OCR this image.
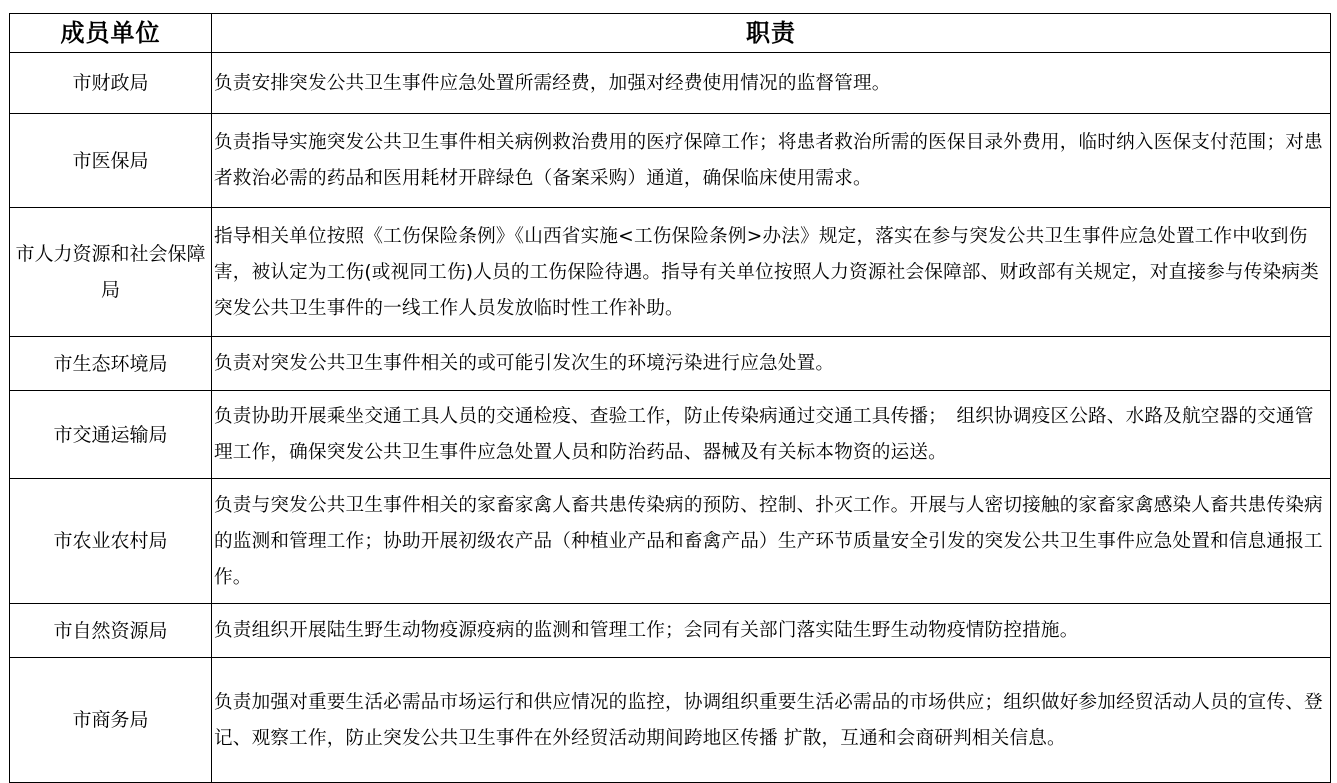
成员单位	职责
市财政局	负责安排突发公共卫生事件应急处置所需经费，加强对经费使用情况的监督管理。
市医保局	负责指导实施突发公共卫生事件相关病例救治费用的医疗保障工作；将患者救治所需的医保目录外费用，临时纳入医保支付范围；对患者救治必需的药品和医用耗材开辟绿色（备案采购）通道，确保临床使用需求。
市人力资源和社会保障局	指导相关单位按照《工伤保险条例》《山西省实施<工伤保险条例>办法》规定，落实在参与突发公共卫生事件应急处置工作中收到伤害，被认定为工伤(或视同工伤)人员的工伤保险待遇。指导有关单位按照人力资源社会保障部、财政部有关规定，对直接参与传染病类突发公共卫生事件的一线工作人员发放临时性工作补助。
市生态环境局	负责对突发公共卫生事件相关的或可能引发次生的环境污染进行应急处置。
市交通运输局	负责协助开展乘坐交通工具人员的交通检疫、查验工作，防止传染病通过交通工具传播；　组织协调疫区公路、水路及航空器的交通管理工作，确保突发公共卫生事件应急处置人员和防治药品、器械及有关标本物资的运送。
市农业农村局	负责与突发公共卫生事件相关的家畜家禽人畜共患传染病的预防、控制、扑灭工作。开展与人密切接触的家畜家禽感染人畜共患传染病的监测和管理工作；协助开展初级农产品（种植业产品和畜禽产品）生产环节质量安全引发的突发公共卫生事件应急处置和信息通报工作。
市自然资源局	负责组织开展陆生野生动物疫源疫病的监测和管理工作；会同有关部门落实陆生野生动物疫情防控措施。
市商务局	负责加强对重要生活必需品市场运行和供应情况的监控，协调组织重要生活必需品的市场供应；组织做好参加经贸活动人员的宣传、登记、观察工作，防止突发公共卫生事件在外经贸活动期间跨地区传播 扩散，互通和会商研判相关信息。
